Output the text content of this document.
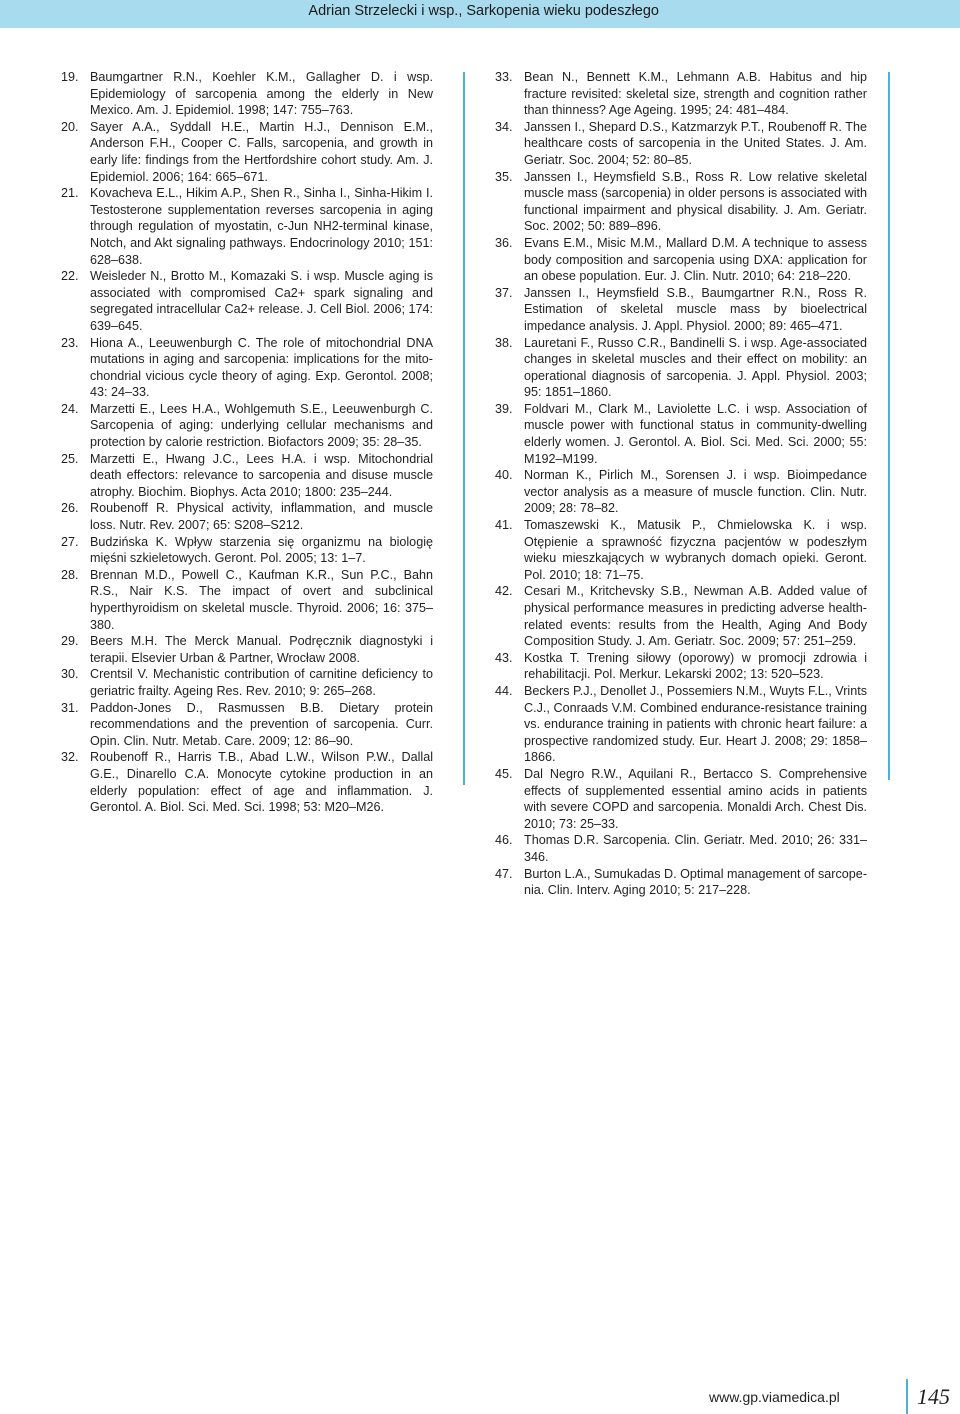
Adrian Strzelecki i wsp., Sarkopenia wieku podeszłego
19. Baumgartner R.N., Koehler K.M., Gallagher D. i wsp. Epidemiology of sarcopenia among the elderly in New Mexico. Am. J. Epidemiol. 1998; 147: 755–763.
20. Sayer A.A., Syddall H.E., Martin H.J., Dennison E.M., Anderson F.H., Cooper C. Falls, sarcopenia, and growth in early life: findings from the Hertfordshire cohort study. Am. J. Epidemiol. 2006; 164: 665–671.
21. Kovacheva E.L., Hikim A.P., Shen R., Sinha I., Sinha-Hikim I. Testosterone supplementation reverses sarcopenia in aging through regulation of myostatin, c-Jun NH2-terminal kinase, Notch, and Akt signaling pathways. Endocrinology 2010; 151: 628–638.
22. Weisleder N., Brotto M., Komazaki S. i wsp. Muscle aging is associated with compromised Ca2+ spark signaling and segregated intracellular Ca2+ release. J. Cell Biol. 2006; 174: 639–645.
23. Hiona A., Leeuwenburgh C. The role of mitochondrial DNA mutations in aging and sarcopenia: implications for the mitochondrial vicious cycle theory of aging. Exp. Gerontol. 2008; 43: 24–33.
24. Marzetti E., Lees H.A., Wohlgemuth S.E., Leeuwenburgh C. Sarcopenia of aging: underlying cellular mechanisms and protection by calorie restriction. Biofactors 2009; 35: 28–35.
25. Marzetti E., Hwang J.C., Lees H.A. i wsp. Mitochondrial death effectors: relevance to sarcopenia and disuse muscle atrophy. Biochim. Biophys. Acta 2010; 1800: 235–244.
26. Roubenoff R. Physical activity, inflammation, and muscle loss. Nutr. Rev. 2007; 65: S208–S212.
27. Budzińska K. Wpływ starzenia się organizmu na biologię mięśni szkieletowych. Geront. Pol. 2005; 13: 1–7.
28. Brennan M.D., Powell C., Kaufman K.R., Sun P.C., Bahn R.S., Nair K.S. The impact of overt and subclinical hyperthyroidism on skeletal muscle. Thyroid. 2006; 16: 375–380.
29. Beers M.H. The Merck Manual. Podręcznik diagnostyki i terapii. Elsevier Urban & Partner, Wrocław 2008.
30. Crentsil V. Mechanistic contribution of carnitine deficiency to geriatric frailty. Ageing Res. Rev. 2010; 9: 265–268.
31. Paddon-Jones D., Rasmussen B.B. Dietary protein recommendations and the prevention of sarcopenia. Curr. Opin. Clin. Nutr. Metab. Care. 2009; 12: 86–90.
32. Roubenoff R., Harris T.B., Abad L.W., Wilson P.W., Dallal G.E., Dinarello C.A. Monocyte cytokine production in an elderly population: effect of age and inflammation. J. Gerontol. A. Biol. Sci. Med. Sci. 1998; 53: M20–M26.
33. Bean N., Bennett K.M., Lehmann A.B. Habitus and hip fracture revisited: skeletal size, strength and cognition rather than thinness? Age Ageing. 1995; 24: 481–484.
34. Janssen I., Shepard D.S., Katzmarzyk P.T., Roubenoff R. The healthcare costs of sarcopenia in the United States. J. Am. Geriatr. Soc. 2004; 52: 80–85.
35. Janssen I., Heymsfield S.B., Ross R. Low relative skeletal muscle mass (sarcopenia) in older persons is associated with functional impairment and physical disability. J. Am. Geriatr. Soc. 2002; 50: 889–896.
36. Evans E.M., Misic M.M., Mallard D.M. A technique to assess body composition and sarcopenia using DXA: application for an obese population. Eur. J. Clin. Nutr. 2010; 64: 218–220.
37. Janssen I., Heymsfield S.B., Baumgartner R.N., Ross R. Estimation of skeletal muscle mass by bioelectrical impedance analysis. J. Appl. Physiol. 2000; 89: 465–471.
38. Lauretani F., Russo C.R., Bandinelli S. i wsp. Age-associated changes in skeletal muscles and their effect on mobility: an operational diagnosis of sarcopenia. J. Appl. Physiol. 2003; 95: 1851–1860.
39. Foldvari M., Clark M., Laviolette L.C. i wsp. Association of muscle power with functional status in community-dwelling elderly women. J. Gerontol. A. Biol. Sci. Med. Sci. 2000; 55: M192–M199.
40. Norman K., Pirlich M., Sorensen J. i wsp. Bioimpedance vector analysis as a measure of muscle function. Clin. Nutr. 2009; 28: 78–82.
41. Tomaszewski K., Matusik P., Chmielowska K. i wsp. Otępienie a sprawność fizyczna pacjentów w podeszłym wieku mieszkających w wybranych domach opieki. Geront. Pol. 2010; 18: 71–75.
42. Cesari M., Kritchevsky S.B., Newman A.B. Added value of physical performance measures in predicting adverse health-related events: results from the Health, Aging And Body Composition Study. J. Am. Geriatr. Soc. 2009; 57: 251–259.
43. Kostka T. Trening siłowy (oporowy) w promocji zdrowia i rehabilitacji. Pol. Merkur. Lekarski 2002; 13: 520–523.
44. Beckers P.J., Denollet J., Possemiers N.M., Wuyts F.L., Vrints C.J., Conraads V.M. Combined endurance-resistance training vs. endurance training in patients with chronic heart failure: a prospective randomized study. Eur. Heart J. 2008; 29: 1858–1866.
45. Dal Negro R.W., Aquilani R., Bertacco S. Comprehensive effects of supplemented essential amino acids in patients with severe COPD and sarcopenia. Monaldi Arch. Chest Dis. 2010; 73: 25–33.
46. Thomas D.R. Sarcopenia. Clin. Geriatr. Med. 2010; 26: 331–346.
47. Burton L.A., Sumukadas D. Optimal management of sarcopenia. Clin. Interv. Aging 2010; 5: 217–228.
www.gp.viamedica.pl	145
